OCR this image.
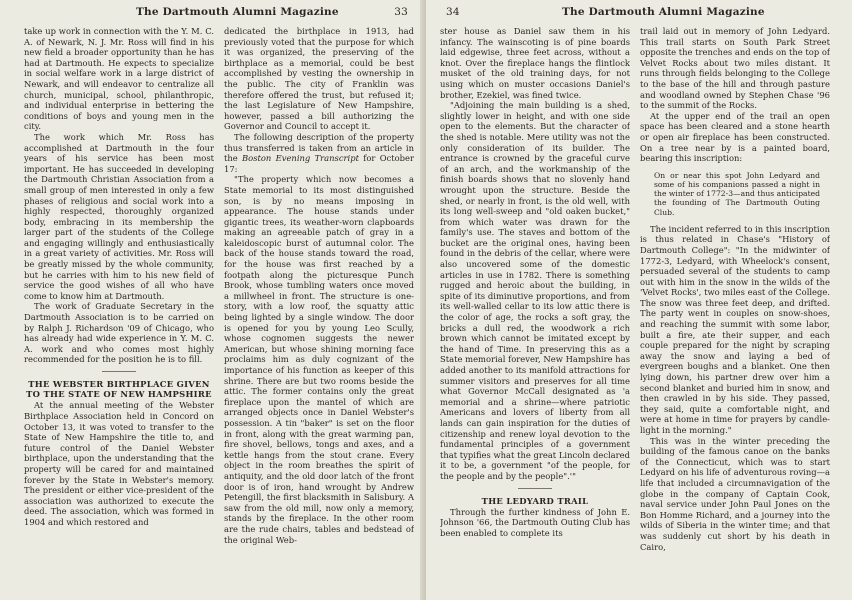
The Dartmouth Alumni Magazine	33

take up work in connection with the Y. M. C. A. of Newark, N. J. Mr. Ross will find in his new field a broader opportunity than he has had at Dartmouth. He expects to specialize in social welfare work in a large district of Newark, and will endeavor to centralize all church, municipal, school, philanthropic, and individual enterprise in bettering the conditions of boys and young men in the city.

The work which Mr. Ross has accomplished at Dartmouth in the four years of his service has been most important. He has succeeded in developing the Dartmouth Christian Association from a small group of men interested in only a few phases of religious and social work into a highly respected, thoroughly organized body, embracing in its membership the larger part of the students of the College and engaging willingly and enthusiastically in a great variety of activities. Mr. Ross will be greatly missed by the whole community, but he carries with him to his new field of service the good wishes of all who have come to know him at Dartmouth.

The work of Graduate Secretary in the Dartmouth Association is to be carried on by Ralph J. Richardson '09 of Chicago, who has already had wide experience in Y. M. C. A. work and who comes most highly recommended for the position he is to fill.

THE WEBSTER BIRTHPLACE GIVEN TO THE STATE OF NEW HAMPSHIRE

At the annual meeting of the Webster Birthplace Association held in Concord on October 13, it was voted to transfer to the State of New Hampshire the title to, and future control of the Daniel Webster birthplace, upon the understanding that the property will be cared for and maintained forever by the State in Webster's memory. The president or either vice-president of the association was authorized to execute the deed. The association, which was formed in 1904 and which restored and

dedicated the birthplace in 1913, had previously voted that the purpose for which it was organized, the preserving of the birthplace as a memorial, could be best accomplished by vesting the ownership in the public. The city of Franklin was therefore offered the trust, but refused it; the last Legislature of New Hampshire, however, passed a bill authorizing the Governor and Council to accept it.

The following description of the property thus transferred is taken from an article in the Boston Evening Transcript for October 17:

"The property which now becomes a State memorial to its most distinguished son, is by no means imposing in appearance. The house stands under gigantic trees, its weather-worn clapboards making an agreeable patch of gray in a kaleidoscopic burst of autumnal color. The back of the house stands toward the road, for the house was first reached by a footpath along the picturesque Punch Brook, whose tumbling waters once moved a millwheel in front. The structure is one-story, with a low roof, the squatty attic being lighted by a single window. The door is opened for you by young Leo Scully, whose cognomen suggests the newer American, but whose shining morning face proclaims him as duly cognizant of the importance of his function as keeper of this shrine. There are but two rooms beside the attic. The former contains only the great fireplace upon the mantel of which are arranged objects once in Daniel Webster's possession. A tin "baker" is set on the floor in front, along with the great warming pan, fire shovel, bellows, tongs and axes, and a kettle hangs from the stout crane. Every object in the room breathes the spirit of antiquity, and the old door latch of the front door is of iron, hand wrought by Andrew Petengill, the first blacksmith in Salisbury. A saw from the old mill, now only a memory, stands by the fireplace. In the other room are the rude chairs, tables and bedstead of the original Web-

34	The Dartmouth Alumni Magazine

ster house as Daniel saw them in his infancy. The wainscoting is of pine boards laid edgewise, three feet across, without a knot. Over the fireplace hangs the flintlock musket of the old training days, for not using which on muster occasions Daniel's brother, Ezekiel, was fined twice.

"Adjoining the main building is a shed, slightly lower in height, and with one side open to the elements. But the character of the shed is notable. Mere utility was not the only consideration of its builder. The entrance is crowned by the graceful curve of an arch, and the workmanship of the finish boards shows that no slovenly hand wrought upon the structure. Beside the shed, or nearly in front, is the old well, with its long well-sweep and "old oaken bucket," from which water was drawn for the family's use. The staves and bottom of the bucket are the original ones, having been found in the debris of the cellar, where were also uncovered some of the domestic articles in use in 1782. There is something rugged and heroic about the building, in spite of its diminutive proportions, and from its well-walled cellar to its low attic there is the color of age, the rocks a soft gray, the bricks a dull red, the woodwork a rich brown which cannot be imitated except by the hand of Time. In preserving this as a State memorial forever, New Hampshire has added another to its manifold attractions for summer visitors and preserves for all time what Governor McCall designated as 'a memorial and a shrine—where patriotic Americans and lovers of liberty from all lands can gain inspiration for the duties of citizenship and renew loyal devotion to the fundamental principles of a government that typifies what the great Lincoln declared it to be, a government "of the people, for the people and by the people".'"

THE LEDYARD TRAIL

Through the further kindness of John E. Johnson '66, the Dartmouth Outing Club has been enabled to complete its

trail laid out in memory of John Ledyard. This trail starts on South Park Street opposite the trenches and ends on the top of Velvet Rocks about two miles distant. It runs through fields belonging to the College to the base of the hill and through pasture and woodland owned by Stephen Chase '96 to the summit of the Rocks.

At the upper end of the trail an open space has been cleared and a stone hearth or open air fireplace has been constructed. On a tree near by is a painted board, bearing this inscription:

On or near this spot John Ledyard and some of his companions passed a night in the winter of 1772-3—and thus anticipated the founding of The Dartmouth Outing Club.

The incident referred to in this inscription is thus related in Chase's "History of Dartmouth College": "In the midwinter of 1772-3, Ledyard, with Wheelock's consent, persuaded several of the students to camp out with him in the snow in the wilds of the 'Velvet Rocks', two miles east of the College. The snow was three feet deep, and drifted. The party went in couples on snow-shoes, and reaching the summit with some labor, built a fire, ate their supper, and each couple prepared for the night by scraping away the snow and laying a bed of evergreen boughs and a blanket. One then lying down, his partner drew over him a second blanket and buried him in snow, and then crawled in by his side. They passed, they said, quite a comfortable night, and were at home in time for prayers by candle-light in the morning."

This was in the winter preceding the building of the famous canoe on the banks of the Connecticut, which was to start Ledyard on his life of adventurous roving—a life that included a circumnavigation of the globe in the company of Captain Cook, naval service under John Paul Jones on the Bon Homme Richard, and a journey into the wilds of Siberia in the winter time; and that was suddenly cut short by his death in Cairo,
